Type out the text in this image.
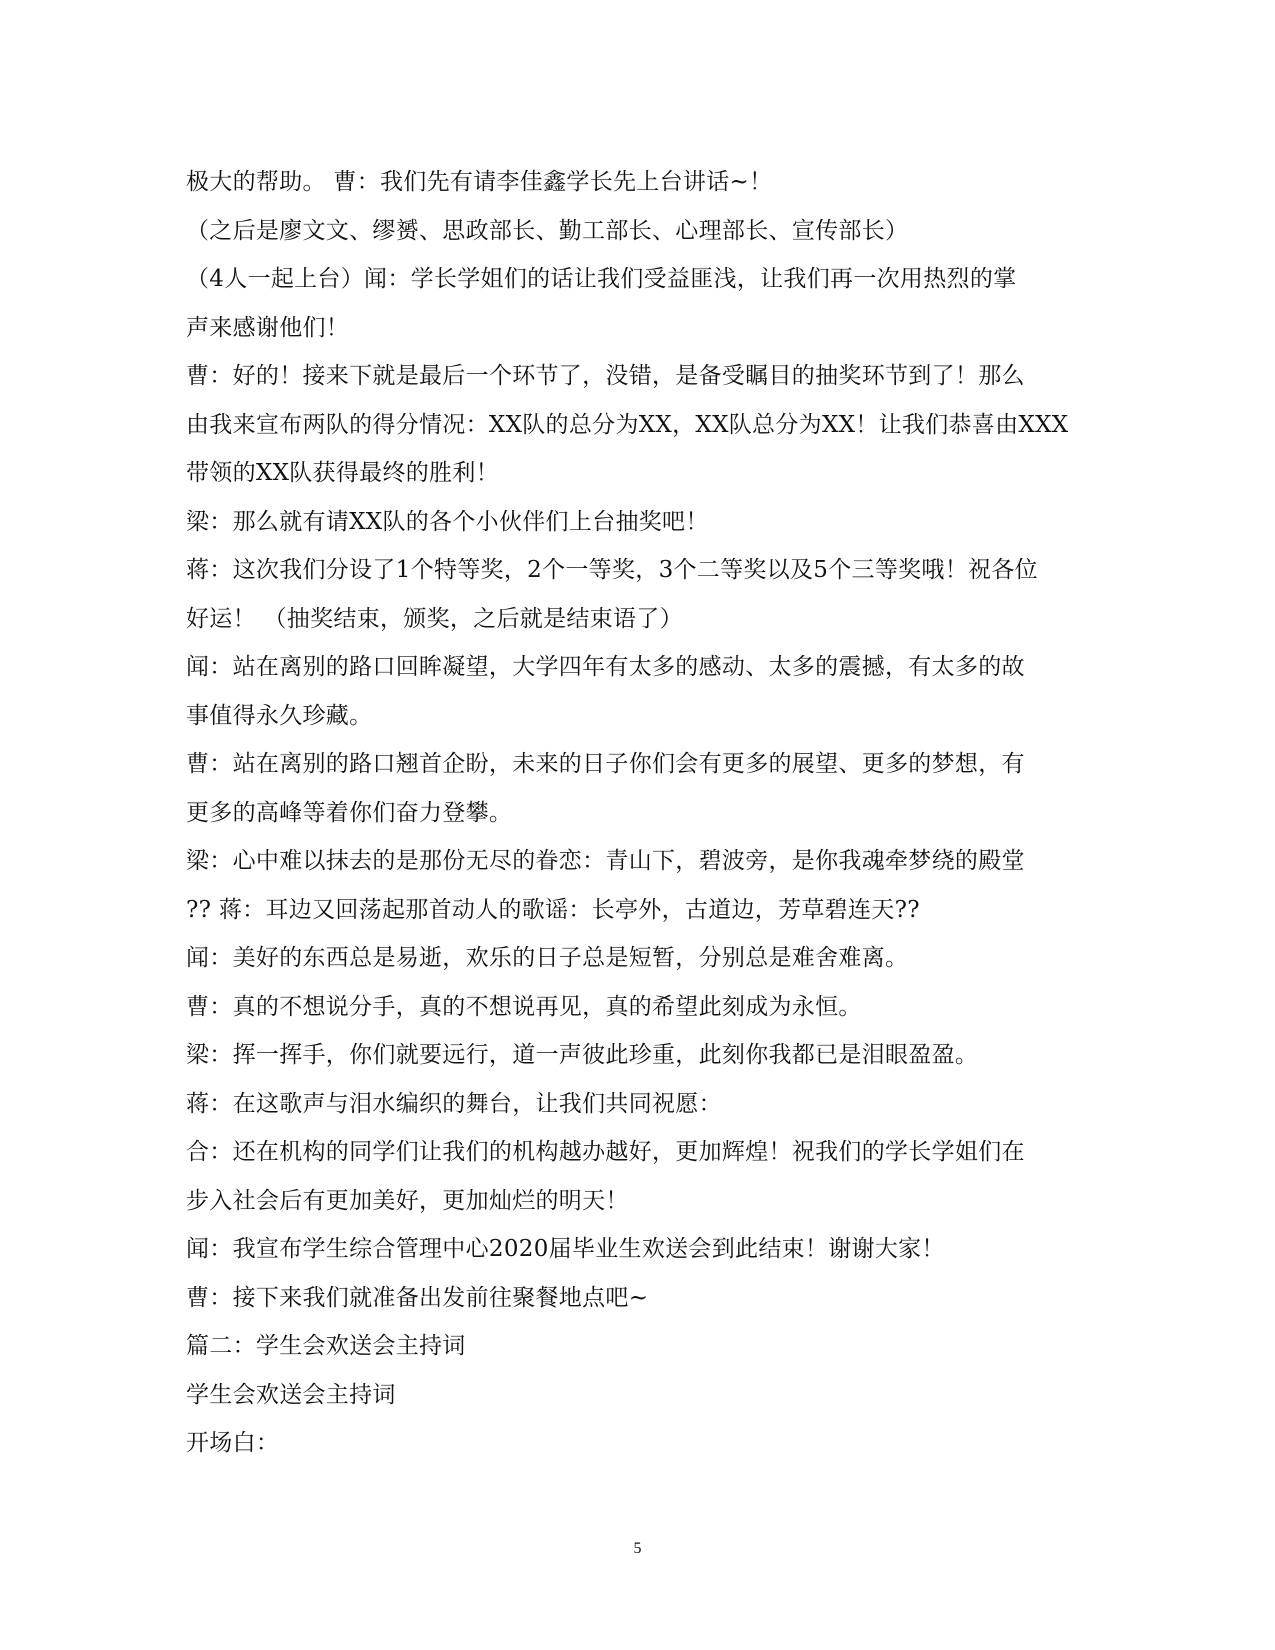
极大的帮助。 曹：我们先有请李佳鑫学长先上台讲话~！
（之后是廖文文、缪赟、思政部长、勤工部长、心理部长、宣传部长）
（4人一起上台）闻：学长学姐们的话让我们受益匪浅，让我们再一次用热烈的掌
声来感谢他们！
曹：好的！接来下就是最后一个环节了，没错，是备受瞩目的抽奖环节到了！那么
由我来宣布两队的得分情况：XX队的总分为XX，XX队总分为XX！让我们恭喜由XXX
带领的XX队获得最终的胜利！
梁：那么就有请XX队的各个小伙伴们上台抽奖吧！
蒋：这次我们分设了1个特等奖，2个一等奖，3个二等奖以及5个三等奖哦！祝各位
好运！ （抽奖结束，颁奖，之后就是结束语了）
闻：站在离别的路口回眸凝望，大学四年有太多的感动、太多的震撼，有太多的故
事值得永久珍藏。
曹：站在离别的路口翘首企盼，未来的日子你们会有更多的展望、更多的梦想，有
更多的高峰等着你们奋力登攀。
梁：心中难以抹去的是那份无尽的眷恋：青山下，碧波旁，是你我魂牵梦绕的殿堂
?? 蒋：耳边又回荡起那首动人的歌谣：长亭外，古道边，芳草碧连天??
闻：美好的东西总是易逝，欢乐的日子总是短暂，分别总是难舍难离。
曹：真的不想说分手，真的不想说再见，真的希望此刻成为永恒。
梁：挥一挥手，你们就要远行，道一声彼此珍重，此刻你我都已是泪眼盈盈。
蒋：在这歌声与泪水编织的舞台，让我们共同祝愿：
合：还在机构的同学们让我们的机构越办越好，更加辉煌！祝我们的学长学姐们在
步入社会后有更加美好，更加灿烂的明天！
闻：我宣布学生综合管理中心2020届毕业生欢送会到此结束！谢谢大家！
曹：接下来我们就准备出发前往聚餐地点吧~
篇二：学生会欢送会主持词
学生会欢送会主持词
开场白：
5
